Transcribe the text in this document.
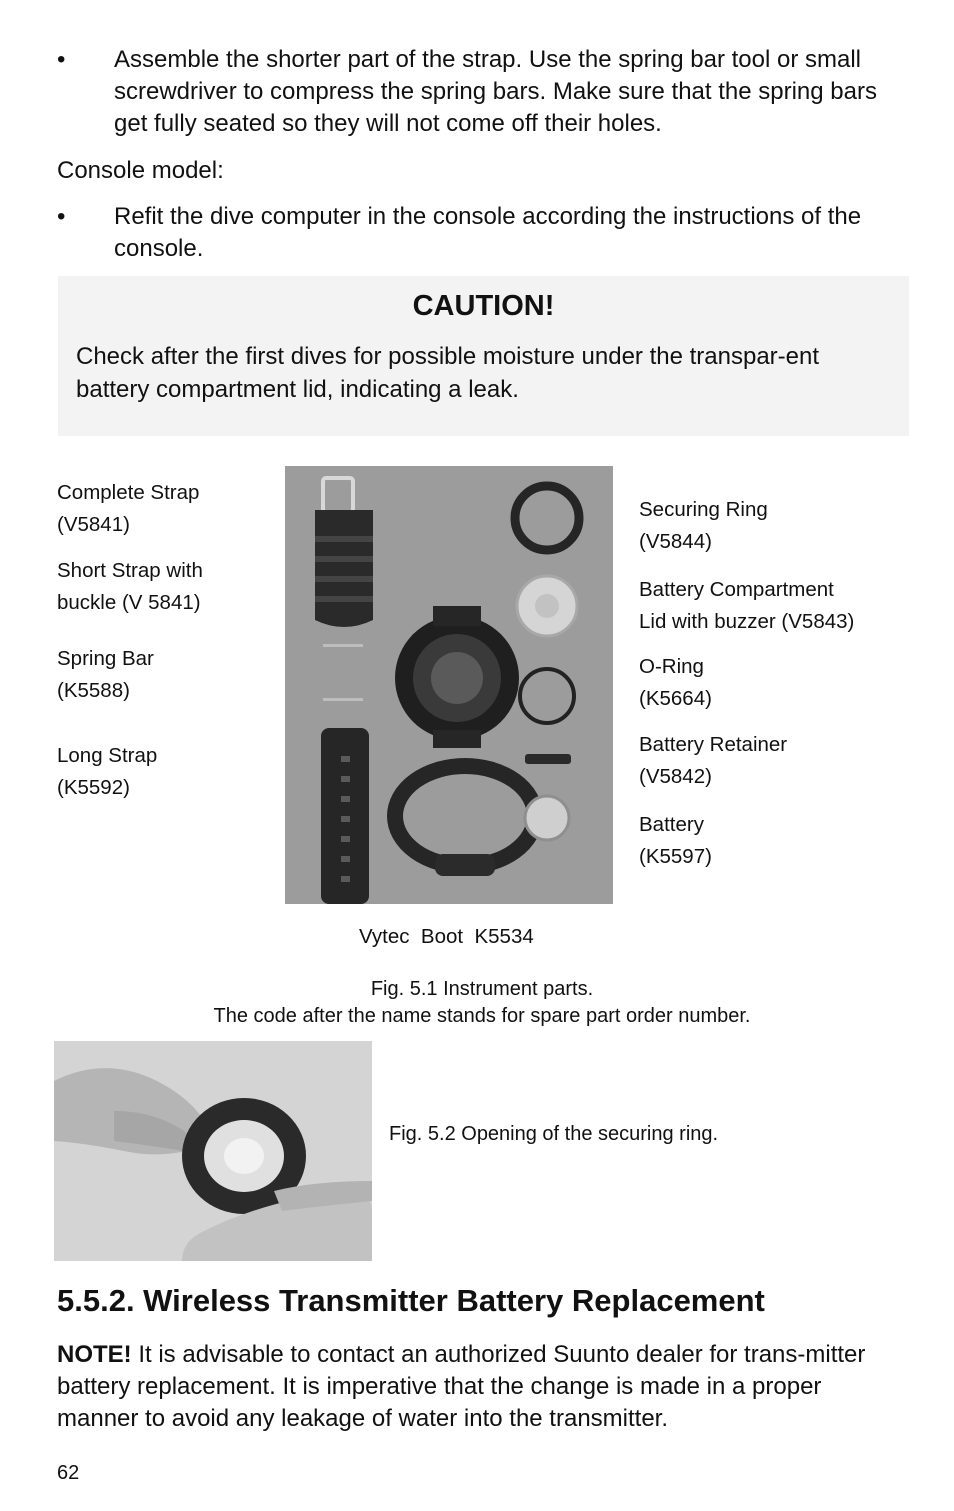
•	Assemble the shorter part of the strap. Use the spring bar tool or small screwdriver to compress the spring bars. Make sure that the spring bars get fully seated so they will not come off their holes.
Console model:
•	Refit the dive computer in the console according the instructions of the console.
CAUTION!
Check after the first dives for possible moisture under the transpar-ent battery compartment lid, indicating a leak.
Complete Strap
(V5841)
Short Strap with
buckle (V 5841)
Spring Bar
(K5588)
Long Strap
(K5592)
Securing Ring
(V5844)
Battery Compartment
Lid with buzzer (V5843)
O-Ring
(K5664)
Battery Retainer
(V5842)
Battery
(K5597)
Vytec  Boot  K5534
Fig. 5.1 Instrument parts.
The code after the name stands for spare part order number.
Fig. 5.2 Opening of the securing ring.
5.5.2. Wireless Transmitter Battery Replacement
NOTE! It is advisable to contact an authorized Suunto dealer for trans-mitter battery replacement. It is imperative that the change is made in a proper manner to avoid any leakage of water into the transmitter.
62
